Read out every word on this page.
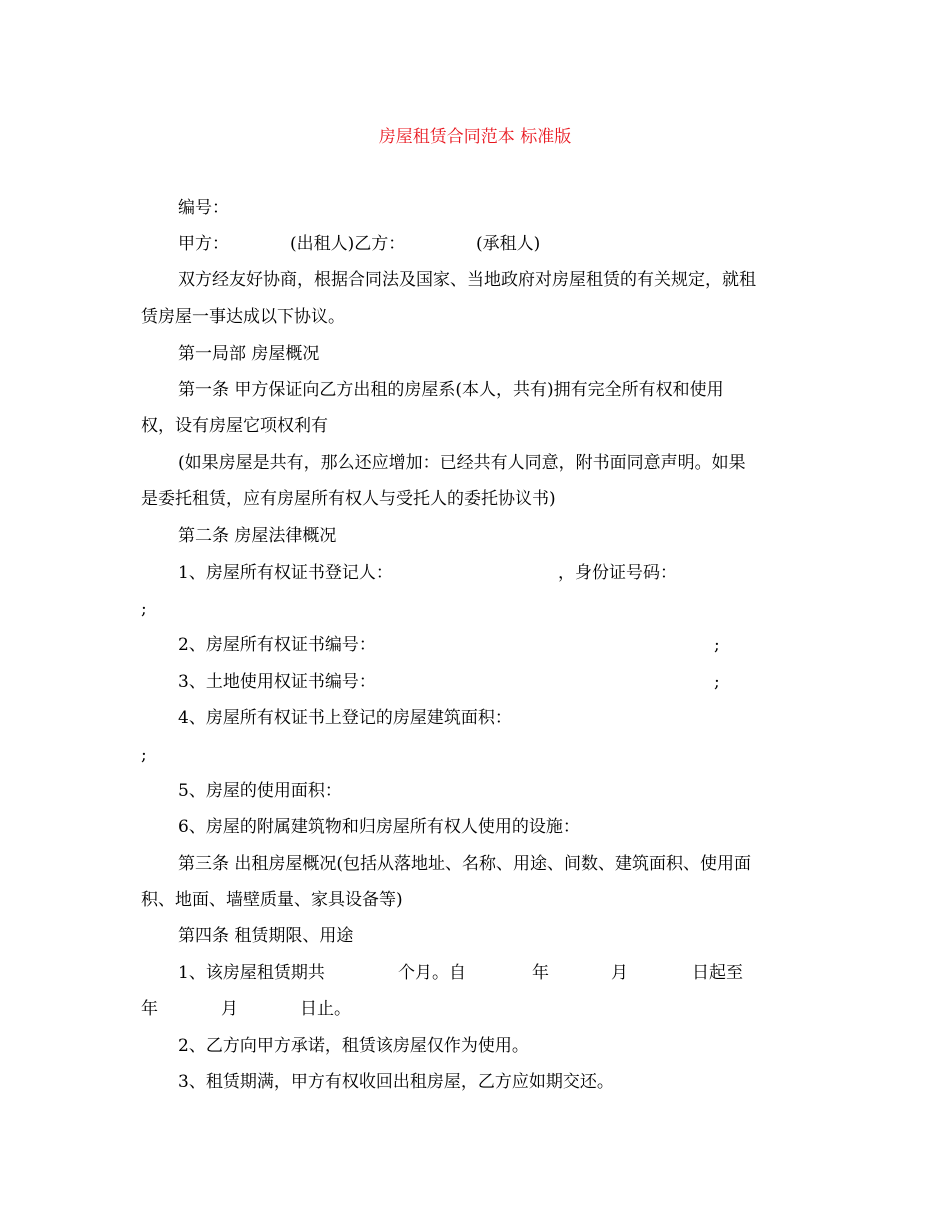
房屋租赁合同范本 标准版
编号：
甲方：	(出租人)乙方：	(承租人)
双方经友好协商，根据合同法及国家、当地政府对房屋租赁的有关规定，就租
赁房屋一事达成以下协议。
第一局部 房屋概况
第一条 甲方保证向乙方出租的房屋系(本人，共有)拥有完全所有权和使用
权，设有房屋它项权利有
(如果房屋是共有，那么还应增加：已经共有人同意，附书面同意声明。如果
是委托租赁，应有房屋所有权人与受托人的委托协议书)
第二条 房屋法律概况
1、房屋所有权证书登记人：	，身份证号码：
;
2、房屋所有权证书编号：	;
3、土地使用权证书编号：	;
4、房屋所有权证书上登记的房屋建筑面积：
;
5、房屋的使用面积：
6、房屋的附属建筑物和归房屋所有权人使用的设施：
第三条 出租房屋概况(包括从落地址、名称、用途、间数、建筑面积、使用面
积、地面、墙壁质量、家具设备等)
第四条 租赁期限、用途
1、该房屋租赁期共	个月。自	年	月	日起至
年	月	日止。
2、乙方向甲方承诺，租赁该房屋仅作为使用。
3、租赁期满，甲方有权收回出租房屋，乙方应如期交还。
